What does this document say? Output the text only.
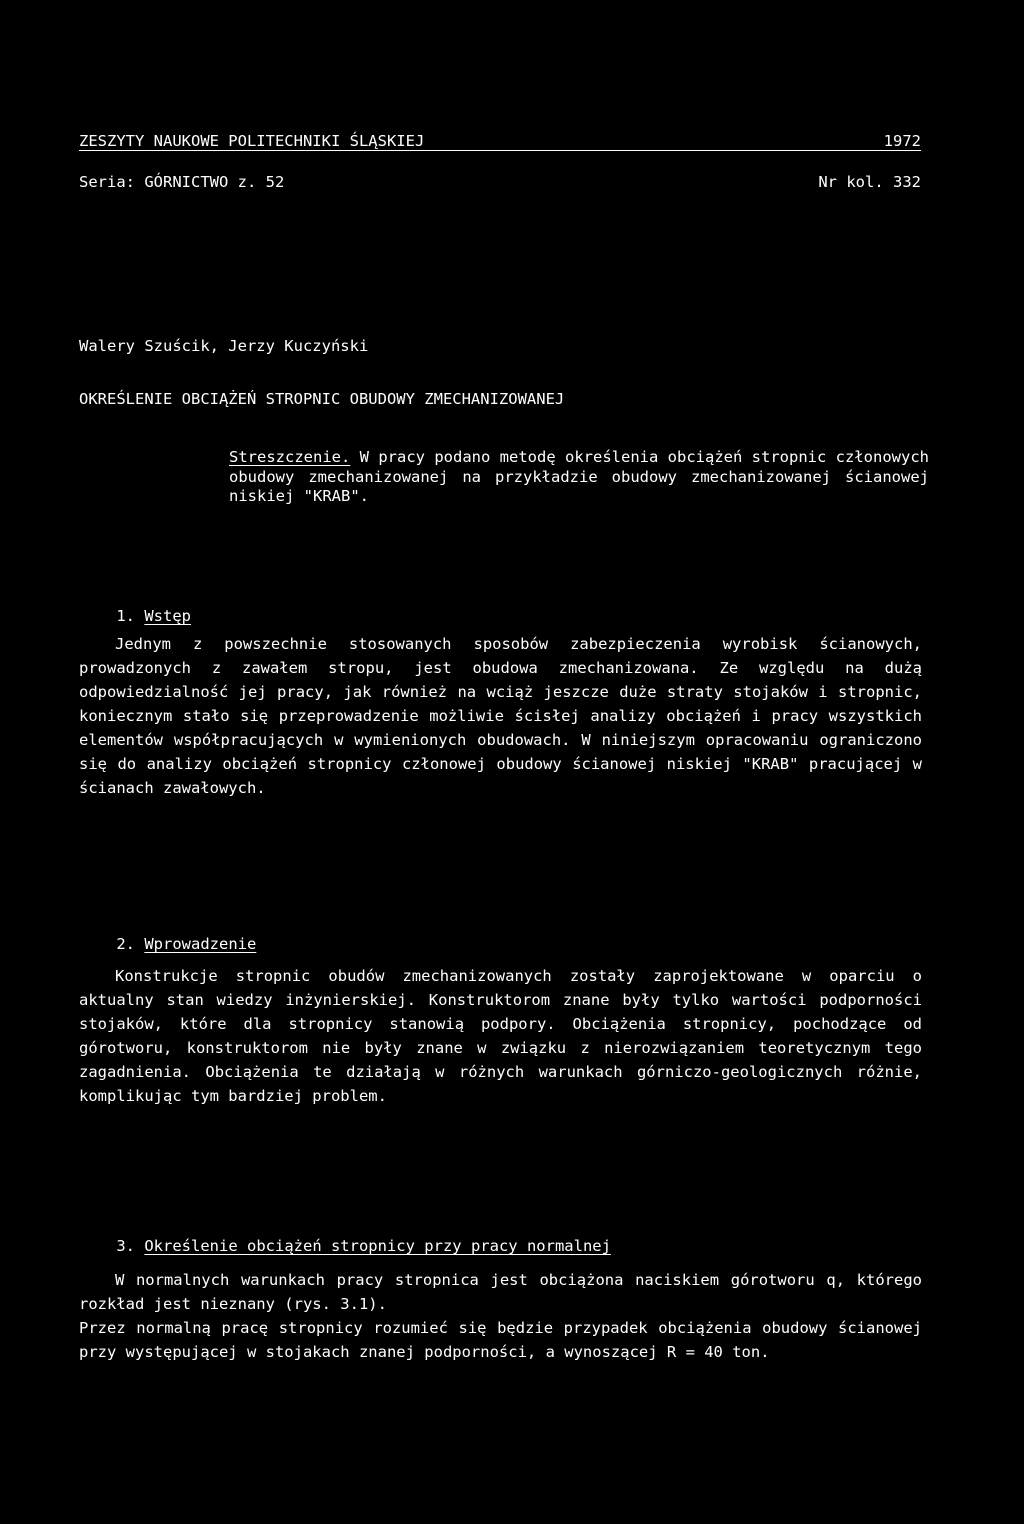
ZESZYTY NAUKOWE POLITECHNIKI ŚLĄSKIEJ	1972
Seria: GÓRNICTWO z. 52	Nr kol. 332
Walery Szuścik, Jerzy Kuczyński
OKREŚLENIE OBCIĄŻEŃ STROPNIC OBUDOWY ZMECHANIZOWANEJ
Streszczenie. W pracy podano metodę określenia obciążeń stropnic członowych obudowy zmechanizowanej na przykładzie obudowy zmechanizowanej ścianowej niskiej "KRAB".

1. Wstęp

Jednym z powszechnie stosowanych sposobów zabezpieczenia wyrobisk ścianowych, prowadzonych z zawałem stropu, jest obudowa zmechanizowana. Ze względu na dużą odpowiedzialność jej pracy, jak również na wciąż jeszcze duże straty stojaków i stropnic, koniecznym stało się przeprowadzenie możliwie ścisłej analizy obciążeń i pracy wszystkich elementów współpracujących w wymienionych obudowach. W niniejszym opracowaniu ograniczono się do analizy obciążeń stropnicy członowej obudowy ścianowej niskiej "KRAB" pracującej w ścianach zawałowych.

2. Wprowadzenie

Konstrukcje stropnic obudów zmechanizowanych zostały zaprojektowane w oparciu o aktualny stan wiedzy inżynierskiej. Konstruktorom znane były tylko wartości podporności stojaków, które dla stropnicy stanowią podpory. Obciążenia stropnicy, pochodzące od górotworu, konstruktorom nie były znane w związku z nierozwiązaniem teoretycznym tego zagadnienia. Obciążenia te działają w różnych warunkach górniczo-geologicznych różnie, komplikując tym bardziej problem.

3. Określenie obciążeń stropnicy przy pracy normalnej

W normalnych warunkach pracy stropnica jest obciążona naciskiem górotworu q, którego rozkład jest nieznany (rys. 3.1).
Przez normalną pracę stropnicy rozumieć się będzie przypadek obciążenia obudowy ścianowej przy występującej w stojakach znanej podporności, a wynoszącej R = 40 ton.
